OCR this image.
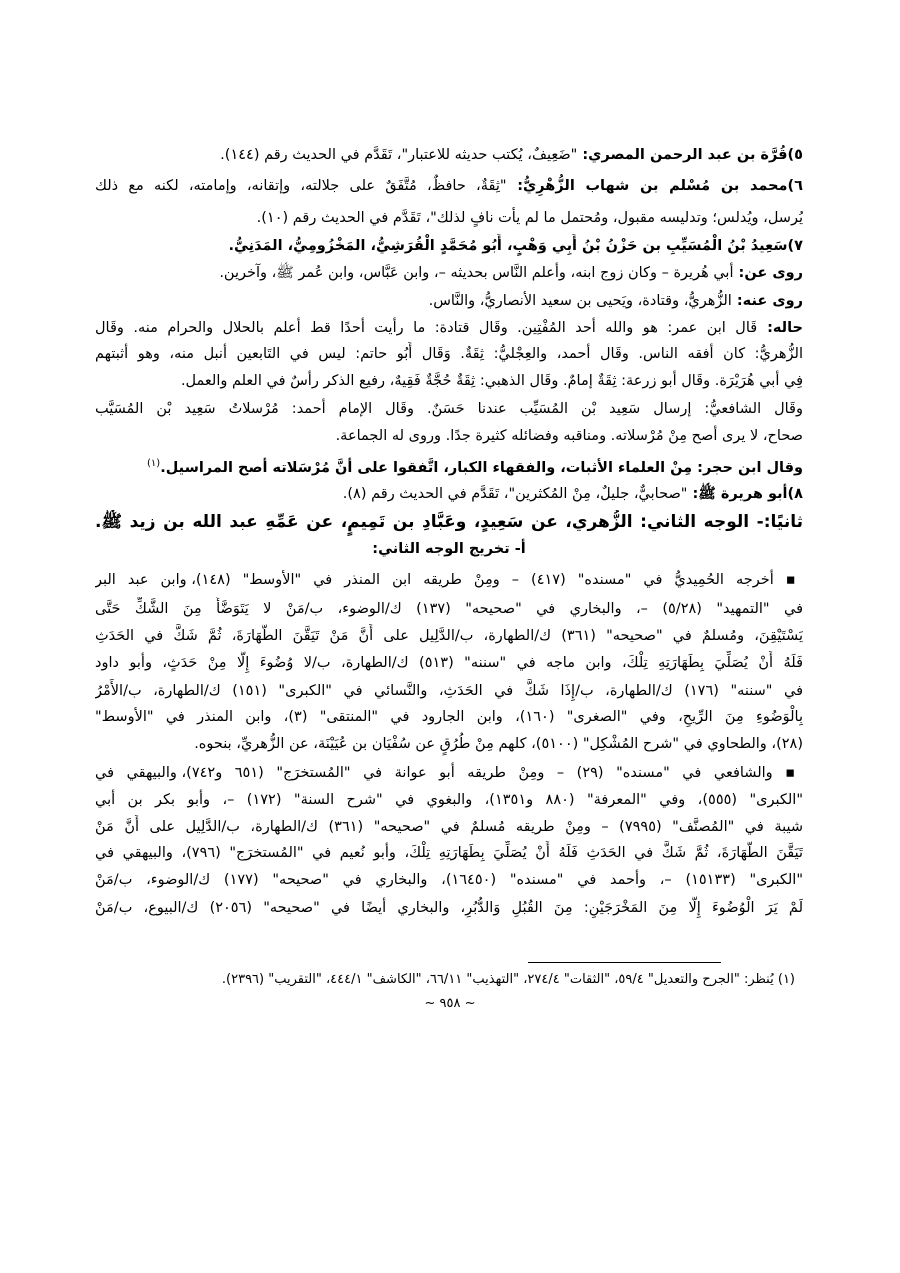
٥)قُرَّة بن عبد الرحمن المصري: "ضَعِيفٌ، يُكتب حديثه للاعتبار"، تَقَدَّم في الحديث رقم (١٤٤).
٦)محمد بن مُسْلم بن شهاب الزُّهْرِيُّ: "ثِقَةٌ، حافظٌ، مُتَّفَقٌ على جلالته، وإتقانه، وإمامته، لكنه مع ذلك
يُرسل، ويُدلس؛ وتدليسه مقبول، ومُحتمل ما لم يأت نافٍ لذلك"، تَقَدَّم في الحديث رقم (١٠).
٧)سَعِيدُ بْنُ الْمُسَيِّبِ بن حَزْنُ بْنُ أَبِي وَهْبٍ، أَبُو مُحَمَّدٍ الْقُرَشِيُّ، المَخْزُومِيُّ، المَدَنِيُّ.
روى عن: أبي هُريرة – وكان زوج ابنه، وأعلم النَّاس بحديثه –، وابن عَبَّاس، وابن عُمر ﷺ، وآخرين.
روى عنه: الزُّهريُّ، وقتادة، ويَحيى بن سعيد الأنصاريُّ، والنَّاس.
حاله: قَال ابن عمر: هو والله أحد المُفْتِين. وقَال قتادة: ما رأيت أحدًا قط أعلم بالحلال والحرام منه. وقَال
الزُّهريُّ: كان أفقه الناس. وقَال أحمد، والعِجْليُّ: ثِقَةٌ. وَقَال أَبُو حاتم: ليس في التَابعين أنبل منه، وهو أثبتهم
فِي أبي هُرَيْرَة. وقَال أبو زرعة: ثِقَةٌ إمامٌ. وقَال الذهبي: ثِقَةٌ حُجَّةٌ فَقِيهٌ، رفيع الذكر رأسٌ في العلم والعمل.
وقَال الشافعيُّ: إرسال سَعِيد بْن المُسَيِّب عندنا حَسَنٌ. وقَال الإمام أحمد: مُرْسلاتُ سَعِيد بْن المُسَيَّب
صحاح، لا يرى أصح مِنْ مُرْسلاته. ومناقبه وفضائله كثيرة جدًا. وروى له الجماعة.
وقال ابن حجر: مِنْ العلماء الأثبات، والفقهاء الكبار، اتَّفقوا على أنَّ مُرْسَلاته أصح المراسيل.$^{(١)}$
٨)أبو هريرة ﷺ: "صحابيٌّ، جليلٌ، مِنْ المُكثرين"، تَقَدَّم في الحديث رقم (٨).
ثانيًا:- الوجه الثاني: الزُّهري، عن سَعِيدٍ، وعَبَّادِ بن تَمِيمٍ، عن عَمِّهِ عبد الله بن زيد ﷺ.
أ- تخريج الوجه الثاني:
▪ أخرجه الحُمِيديُّ في "مسنده" (٤١٧) – ومِنْ طريقه ابن المنذر في "الأوسط" (١٤٨)، وابن عبد البر
في "التمهيد" (٥/٢٨) –، والبخاري في "صحيحه" (١٣٧) ك/الوضوء، ب/مَنْ لا يَتَوَضَّأُ مِنَ الشَّكِّ حَتَّى
يَسْتَيْقِنَ، ومُسلمٌ في "صحيحه" (٣٦١) ك/الطهارة، ب/الدَّلِيل على أَنَّ مَنْ تَيَقَّنَ الطَّهَارَةَ، ثُمَّ شَكَّ في الحَدَثِ
فَلَهُ أَنْ يُصَلِّيَ بِطَهَارَتِهِ تِلْكَ، وابن ماجه في "سننه" (٥١٣) ك/الطهارة، ب/لا وُضُوءَ إِلَّا مِنْ حَدَثٍ، وأبو داود
في "سننه" (١٧٦) ك/الطهارة، ب/إِذَا شَكَّ في الحَدَثِ، والنَّسائي في "الكبرى" (١٥١) ك/الطهارة، ب/الأَمْرُ
بِالْوَضُوءِ مِنَ الرِّيحِ، وفي "الصغرى" (١٦٠)، وابن الجارود في "المنتقى" (٣)، وابن المنذر في "الأوسط"
(٢٨)، والطحاوي في "شرح المُشْكِل" (٥١٠٠)، كلهم مِنْ طُرُقٍ عن سُفْيَان بن عُيَيْنَة، عن الزُّهريِّ، بنحوه.
▪ والشافعي في "مسنده" (٢٩) – ومِنْ طريقه أبو عوانة في "المُستخرَج" (٦٥١ و٧٤٢)، والبيهقي في
"الكبرى" (٥٥٥)، وفي "المعرفة" (٨٨٠ و١٣٥١)، والبغوي في "شرح السنة" (١٧٢) –، وأبو بكر بن أبي
شيبة في "المُصنَّف" (٧٩٩٥) – ومِنْ طريقه مُسلمٌ في "صحيحه" (٣٦١) ك/الطهارة، ب/الدَّلِيل على أَنَّ مَنْ
تَيَقَّنَ الطَّهَارَةَ، ثُمَّ شَكَّ في الحَدَثِ فَلَهُ أَنْ يُصَلِّيَ بِطَهَارَتِهِ تِلْكَ، وأبو نُعيم في "المُستخرَج" (٧٩٦)، والبيهقي في
"الكبرى" (١٥١٣٣) –، وأحمد في "مسنده" (١٦٤٥٠)، والبخاري في "صحيحه" (١٧٧) ك/الوضوء، ب/مَنْ
لَمْ يَرَ الْوُضُوءَ إِلَّا مِنَ المَخْرَجَيْنِ: مِنَ القُبُلِ وَالدُّبُرِ، والبخاري أيضًا في "صحيحه" (٢٠٥٦) ك/البيوع، ب/مَنْ
(١) يُنظر: "الجرح والتعديل" ٥٩/٤، "الثقات" ٢٧٤/٤، "التهذيب" ٦٦/١١، "الكاشف" ٤٤٤/١، "التقريب" (٢٣٩٦).
~ ٩٥٨ ~
